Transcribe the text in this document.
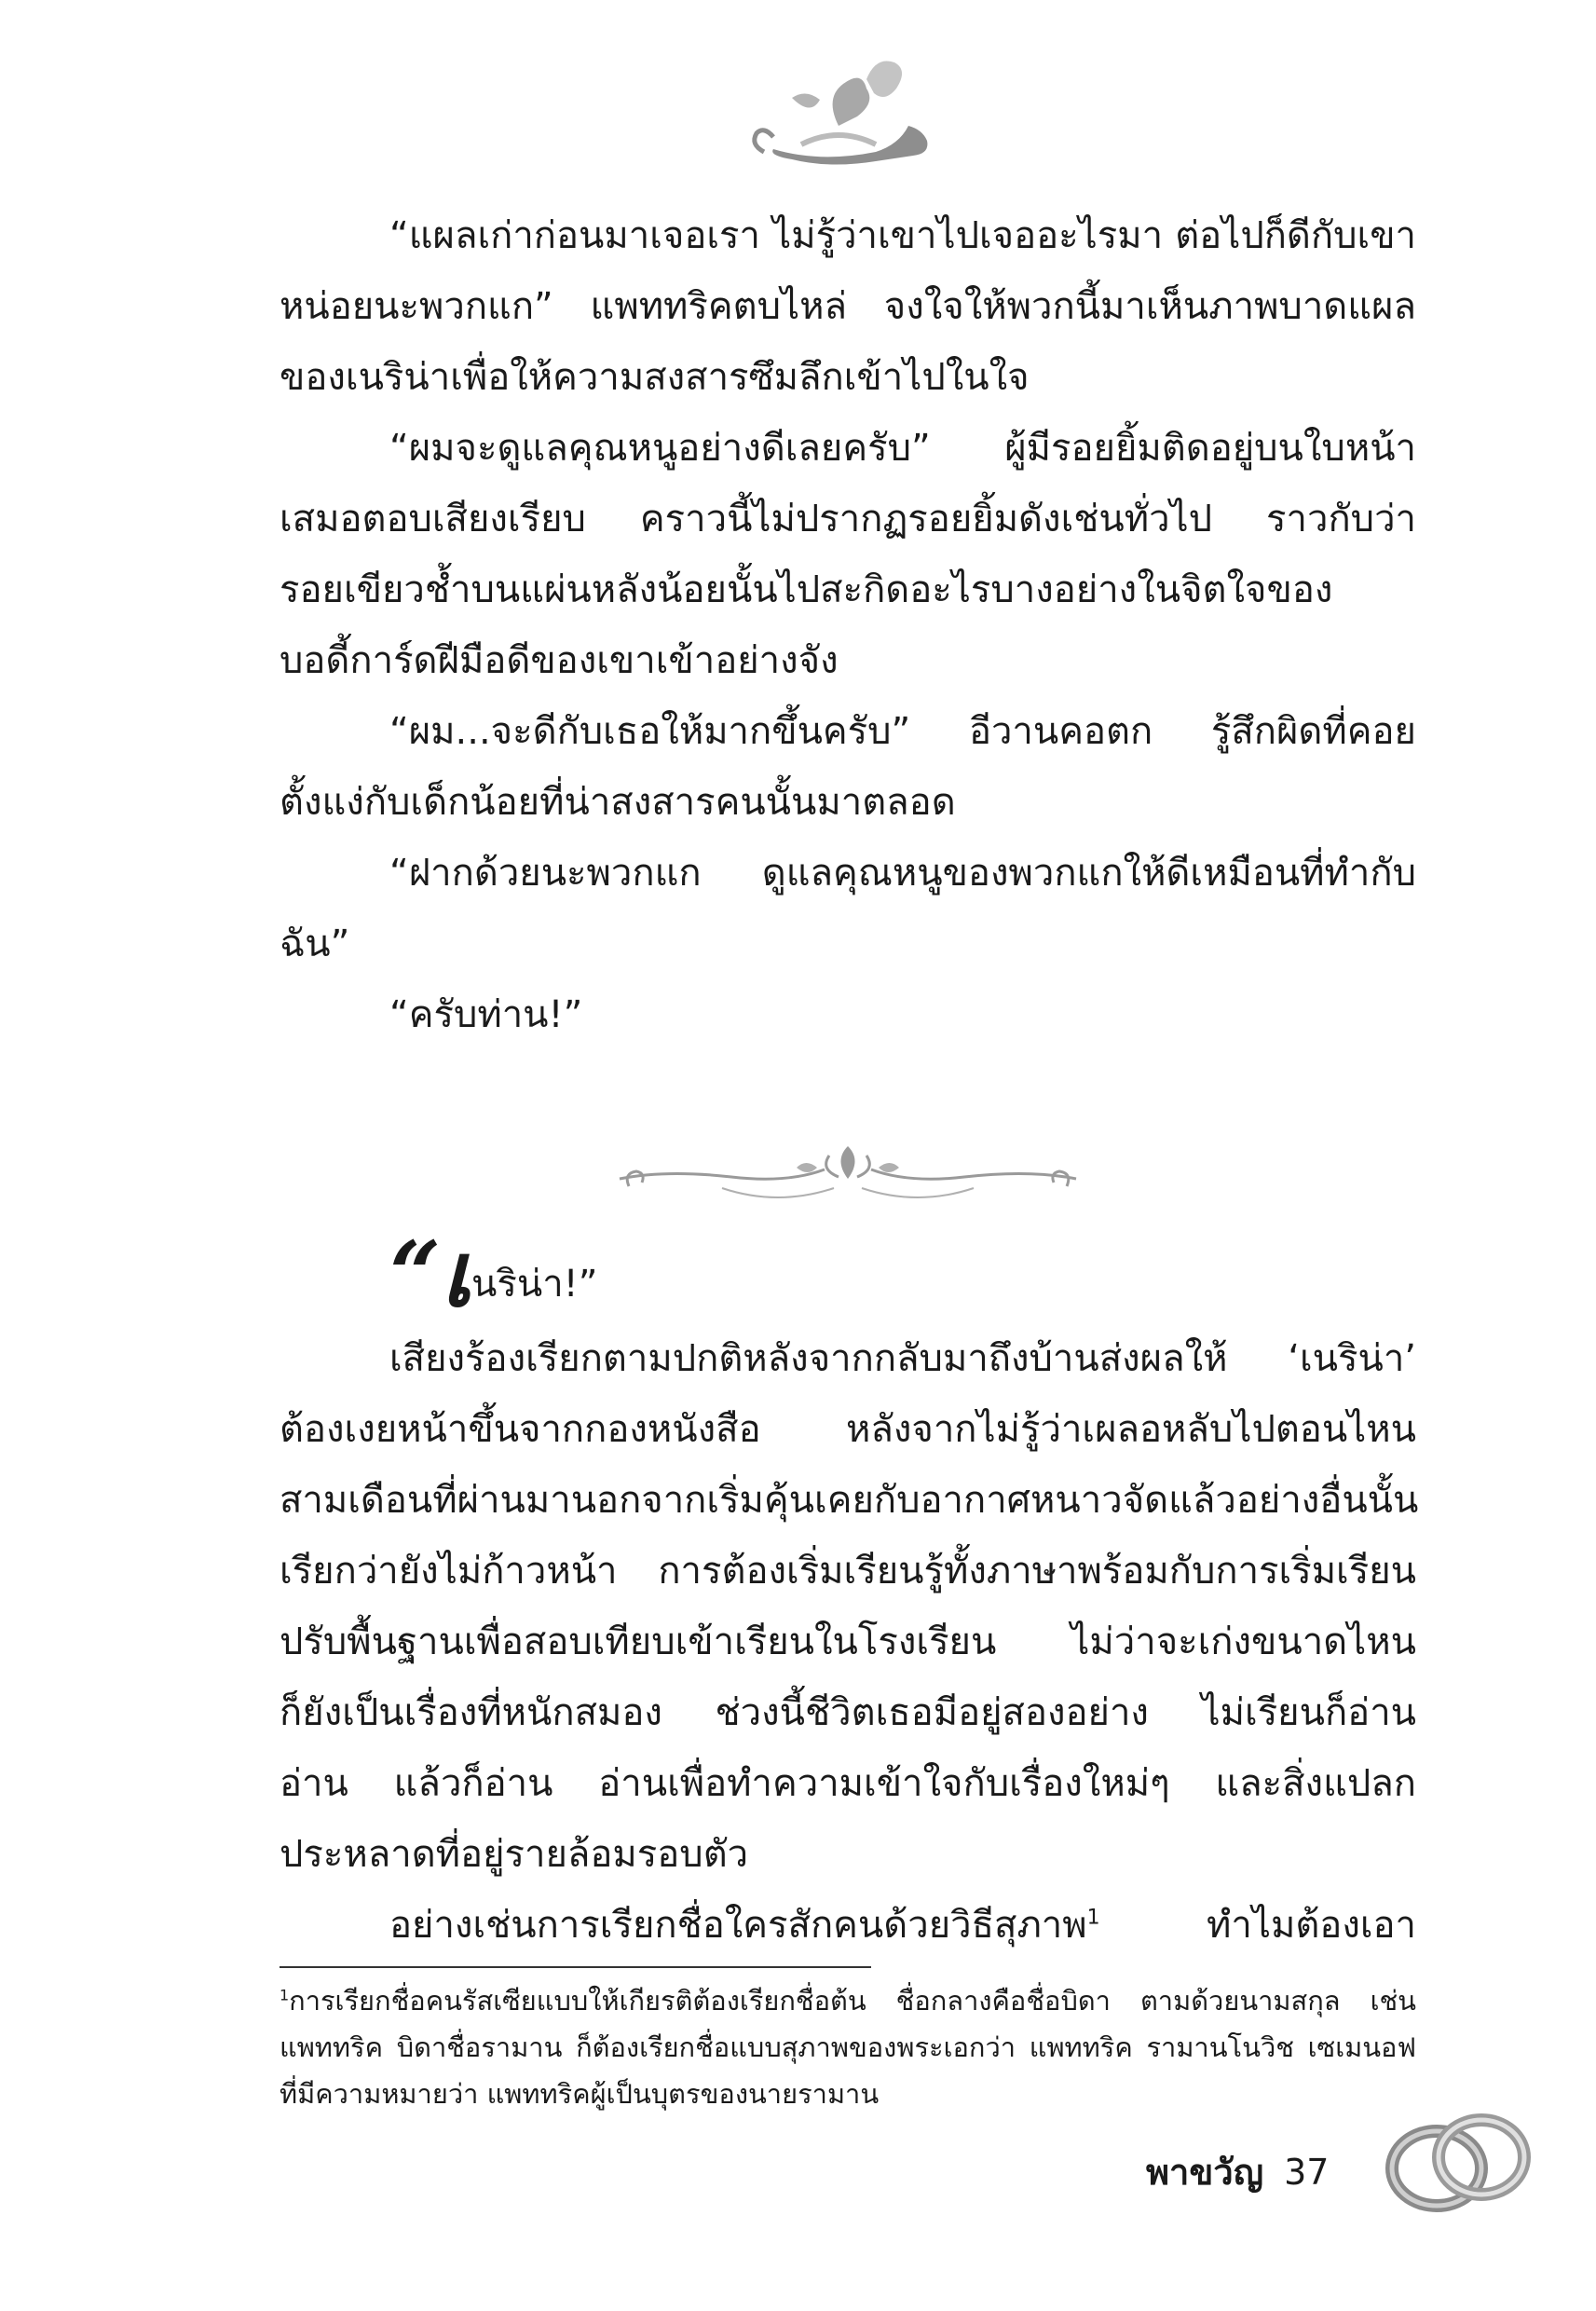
“แผลเก่าก่อนมาเจอเรา ไม่รู้ว่าเขาไปเจออะไรมา ต่อไปก็ดีกับเขา

หน่อยนะพวกแก” แพททริคตบไหล่ จงใจให้พวกนี้มาเห็นภาพบาดแผล

ของเนริน่าเพื่อให้ความสงสารซึมลึกเข้าไปในใจ

“ผมจะดูแลคุณหนูอย่างดีเลยครับ” ผู้มีรอยยิ้มติดอยู่บนใบหน้า

เสมอตอบเสียงเรียบ คราวนี้ไม่ปรากฏรอยยิ้มดังเช่นทั่วไป ราวกับว่า

รอยเขียวช้ำบนแผ่นหลังน้อยนั้นไปสะกิดอะไรบางอย่างในจิตใจของ

บอดี้การ์ดฝีมือดีของเขาเข้าอย่างจัง

“ผม...จะดีกับเธอให้มากขึ้นครับ” อีวานคอตก รู้สึกผิดที่คอย

ตั้งแง่กับเด็กน้อยที่น่าสงสารคนนั้นมาตลอด

“ฝากด้วยนะพวกแก ดูแลคุณหนูของพวกแกให้ดีเหมือนที่ทำกับ

ฉัน”

“ครับท่าน!”

“เนริน่า!”

เสียงร้องเรียกตามปกติหลังจากกลับมาถึงบ้านส่งผลให้ ‘เนริน่า’

ต้องเงยหน้าขึ้นจากกองหนังสือ หลังจากไม่รู้ว่าเผลอหลับไปตอนไหน

สามเดือนที่ผ่านมานอกจากเริ่มคุ้นเคยกับอากาศหนาวจัดแล้วอย่างอื่นนั้น

เรียกว่ายังไม่ก้าวหน้า การต้องเริ่มเรียนรู้ทั้งภาษาพร้อมกับการเริ่มเรียน

ปรับพื้นฐานเพื่อสอบเทียบเข้าเรียนในโรงเรียน ไม่ว่าจะเก่งขนาดไหน

ก็ยังเป็นเรื่องที่หนักสมอง ช่วงนี้ชีวิตเธอมีอยู่สองอย่าง ไม่เรียนก็อ่าน

อ่าน แล้วก็อ่าน อ่านเพื่อทำความเข้าใจกับเรื่องใหม่ๆ และสิ่งแปลก

ประหลาดที่อยู่รายล้อมรอบตัว

อย่างเช่นการเรียกชื่อใครสักคนด้วยวิธีสุภาพ$^1$	ทำไมต้องเอา

$^1$การเรียกชื่อคนรัสเซียแบบให้เกียรติต้องเรียกชื่อต้น ชื่อกลางคือชื่อบิดา ตามด้วยนามสกุล เช่น

แพททริค บิดาชื่อรามาน ก็ต้องเรียกชื่อแบบสุภาพของพระเอกว่า แพททริค รามานโนวิช เซเมนอฟ

ที่มีความหมายว่า แพททริคผู้เป็นบุตรของนายรามาน

พาขวัญ 37
